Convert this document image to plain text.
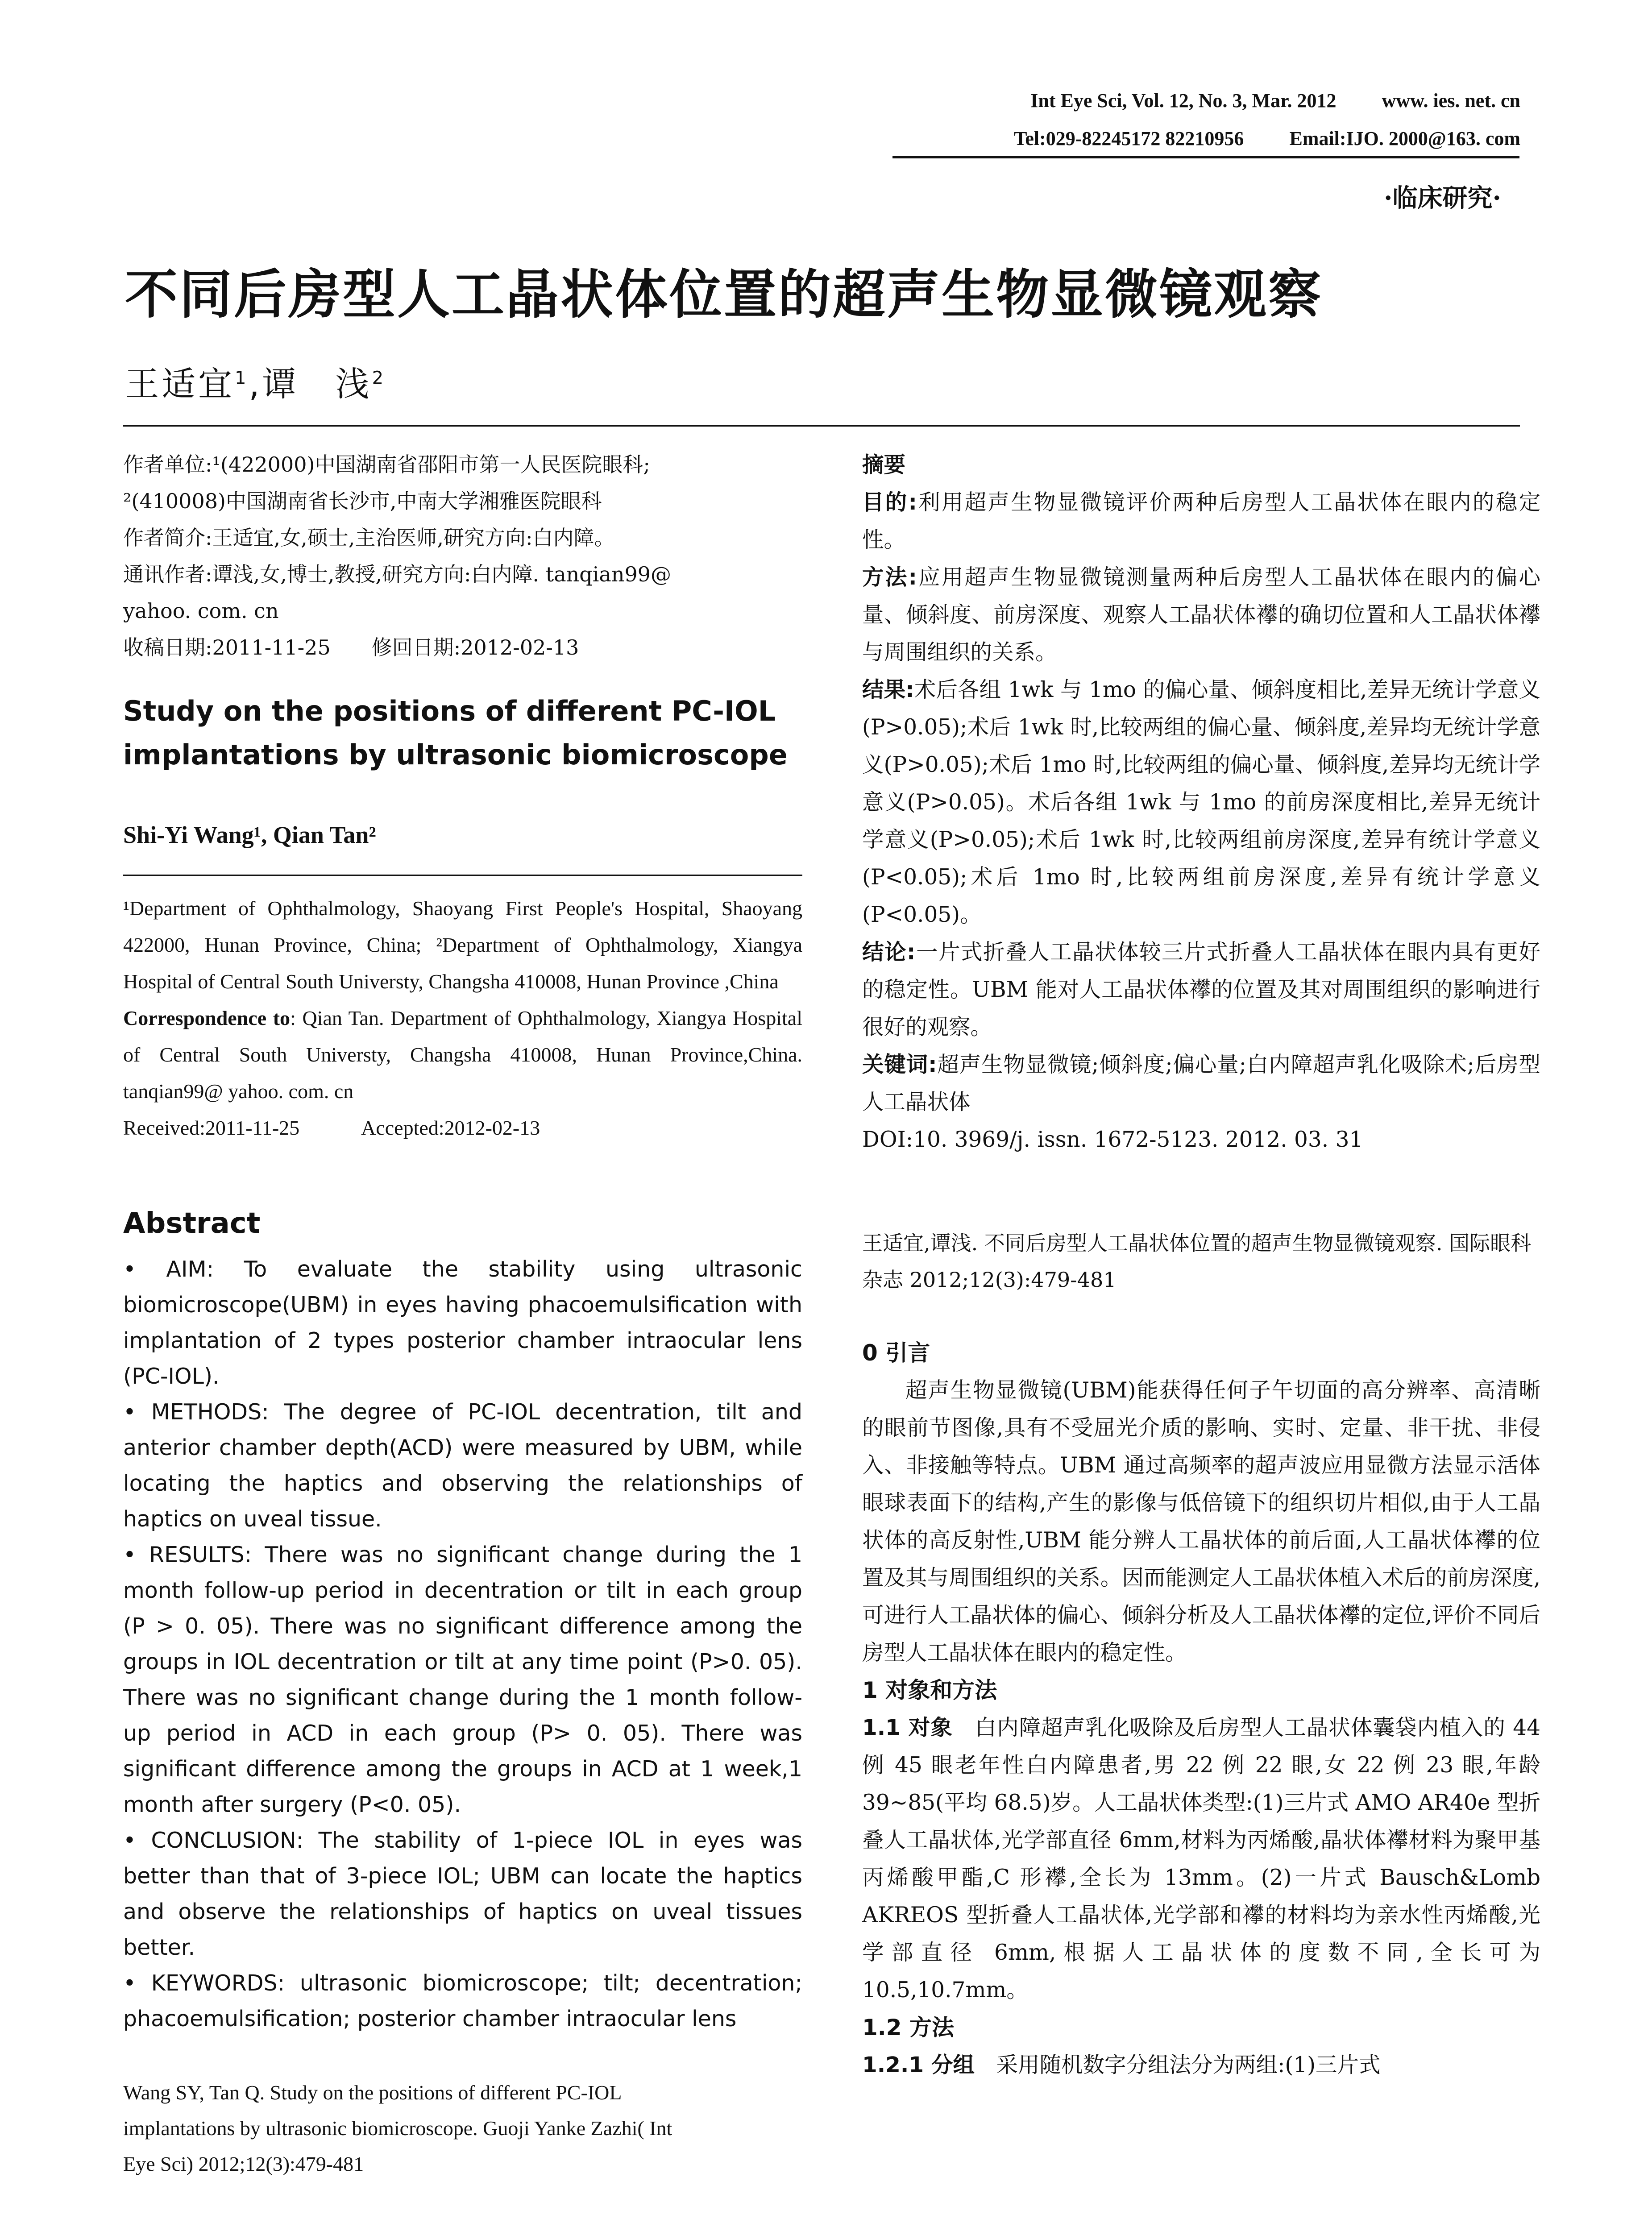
Int Eye Sci, Vol. 12, No. 3, Mar. 2012 www. ies. net. cn
Tel:029-82245172 82210956 Email:IJO. 2000@163. com
·临床研究·
不同后房型人工晶状体位置的超声生物显微镜观察
王适宜$^1$,谭　浅$^2$

作者单位:¹(422000)中国湖南省邵阳市第一人民医院眼科;

²(410008)中国湖南省长沙市,中南大学湘雅医院眼科

作者简介:王适宜,女,硕士,主治医师,研究方向:白内障。

通讯作者:谭浅,女,博士,教授,研究方向:白内障. tanqian99@

yahoo. com. cn

收稿日期:2011-11-25　　修回日期:2012-02-13

Study on the positions of different PC-IOL implantations by ultrasonic biomicroscope
Shi-Yi Wang¹, Qian Tan²

¹Department of Ophthalmology, Shaoyang First People's Hospital, Shaoyang 422000, Hunan Province, China; ²Department of Ophthalmology, Xiangya Hospital of Central South Universty, Changsha 410008, Hunan Province ,China

Correspondence to: Qian Tan. Department of Ophthalmology, Xiangya Hospital of Central South Universty, Changsha 410008, Hunan Province,China. tanqian99@ yahoo. com. cn

Received:2011-11-25　　　Accepted:2012-02-13

Abstract

• AIM: To evaluate the stability using ultrasonic biomicroscope(UBM) in eyes having phacoemulsification with implantation of 2 types posterior chamber intraocular lens (PC-IOL).

• METHODS: The degree of PC-IOL decentration, tilt and anterior chamber depth(ACD) were measured by UBM, while locating the haptics and observing the relationships of haptics on uveal tissue.

• RESULTS: There was no significant change during the 1 month follow-up period in decentration or tilt in each group (P > 0. 05). There was no significant difference among the groups in IOL decentration or tilt at any time point (P>0. 05). There was no significant change during the 1 month follow-up period in ACD in each group (P> 0. 05). There was significant difference among the groups in ACD at 1 week,1 month after surgery (P<0. 05).

• CONCLUSION: The stability of 1-piece IOL in eyes was better than that of 3-piece IOL; UBM can locate the haptics and observe the relationships of haptics on uveal tissues better.

• KEYWORDS: ultrasonic biomicroscope; tilt; decentration; phacoemulsification; posterior chamber intraocular lens

Wang SY, Tan Q. Study on the positions of different PC-IOL

implantations by ultrasonic biomicroscope. Guoji Yanke Zazhi( Int

Eye Sci) 2012;12(3):479-481

摘要

目的:利用超声生物显微镜评价两种后房型人工晶状体在眼内的稳定性。

方法:应用超声生物显微镜测量两种后房型人工晶状体在眼内的偏心量、倾斜度、前房深度、观察人工晶状体襻的确切位置和人工晶状体襻与周围组织的关系。

结果:术后各组 1wk 与 1mo 的偏心量、倾斜度相比,差异无统计学意义(P>0.05);术后 1wk 时,比较两组的偏心量、倾斜度,差异均无统计学意义(P>0.05);术后 1mo 时,比较两组的偏心量、倾斜度,差异均无统计学意义(P>0.05)。术后各组 1wk 与 1mo 的前房深度相比,差异无统计学意义(P>0.05);术后 1wk 时,比较两组前房深度,差异有统计学意义(P<0.05);术后 1mo 时,比较两组前房深度,差异有统计学意义(P<0.05)。

结论:一片式折叠人工晶状体较三片式折叠人工晶状体在眼内具有更好的稳定性。UBM 能对人工晶状体襻的位置及其对周围组织的影响进行很好的观察。

关键词:超声生物显微镜;倾斜度;偏心量;白内障超声乳化吸除术;后房型人工晶状体

DOI:10. 3969/j. issn. 1672-5123. 2012. 03. 31

王适宜,谭浅. 不同后房型人工晶状体位置的超声生物显微镜观察. 国际眼科杂志 2012;12(3):479-481

0 引言

超声生物显微镜(UBM)能获得任何子午切面的高分辨率、高清晰的眼前节图像,具有不受屈光介质的影响、实时、定量、非干扰、非侵入、非接触等特点。UBM 通过高频率的超声波应用显微方法显示活体眼球表面下的结构,产生的影像与低倍镜下的组织切片相似,由于人工晶状体的高反射性,UBM 能分辨人工晶状体的前后面,人工晶状体襻的位置及其与周围组织的关系。因而能测定人工晶状体植入术后的前房深度,可进行人工晶状体的偏心、倾斜分析及人工晶状体襻的定位,评价不同后房型人工晶状体在眼内的稳定性。

1 对象和方法

1.1 对象　白内障超声乳化吸除及后房型人工晶状体囊袋内植入的 44 例 45 眼老年性白内障患者,男 22 例 22 眼,女 22 例 23 眼,年龄 39~85(平均 68.5)岁。人工晶状体类型:(1)三片式 AMO AR40e 型折叠人工晶状体,光学部直径 6mm,材料为丙烯酸,晶状体襻材料为聚甲基丙烯酸甲酯,C 形襻,全长为 13mm。(2)一片式 Bausch&Lomb AKREOS 型折叠人工晶状体,光学部和襻的材料均为亲水性丙烯酸,光学部直径 6mm,根据人工晶状体的度数不同,全长可为 10.5,10.7mm。

1.2 方法

1.2.1 分组　采用随机数字分组法分为两组:(1)三片式
